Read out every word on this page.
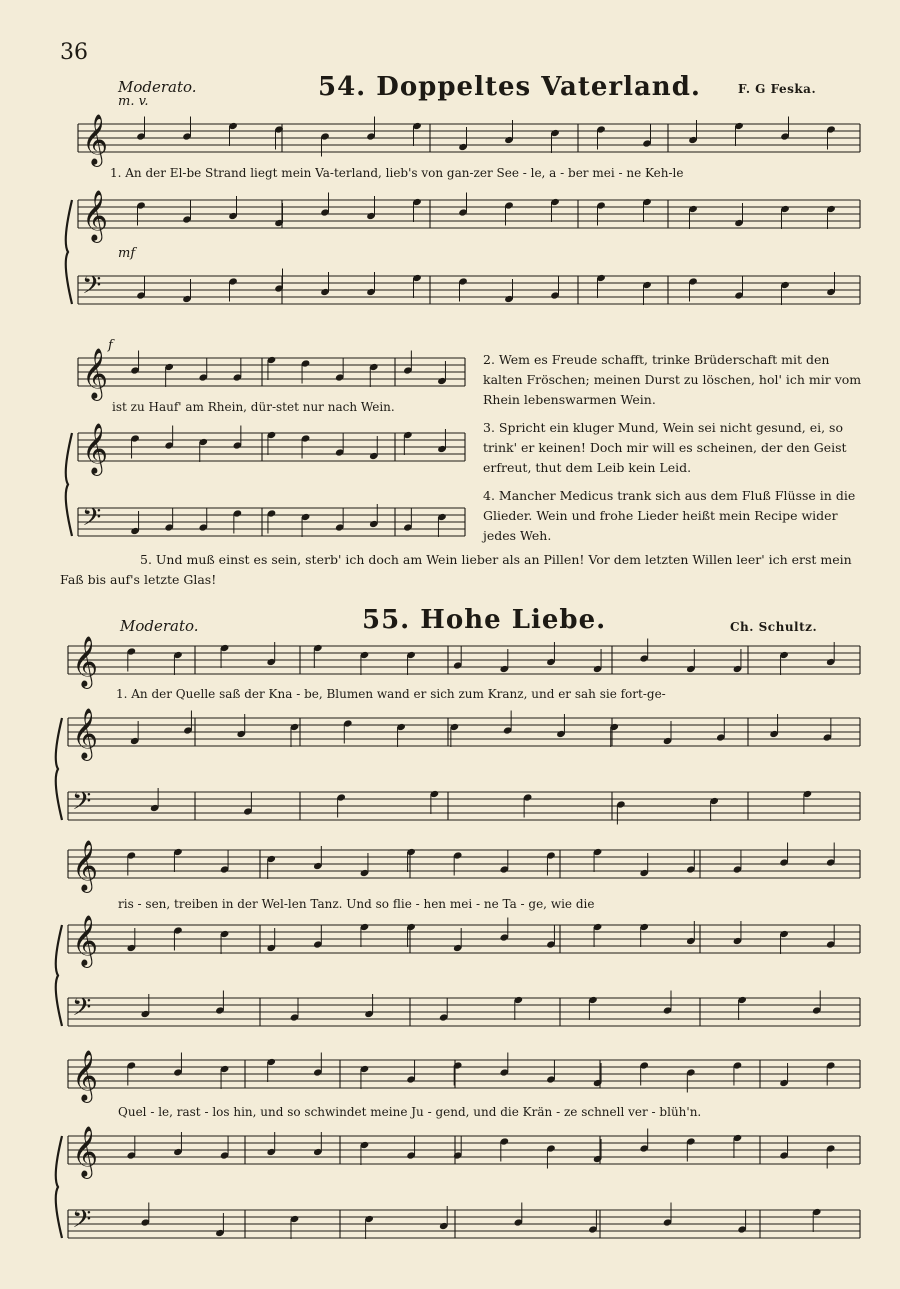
36
Moderato.
m. v.	54. Doppeltes Vaterland.	F. G Feska.
1. An der El-be Strand liegt mein Va-terland, lieb's von gan-zer See - le, a - ber mei - ne Keh-le
mf
f
ist zu Hauf' am Rhein, dür-stet nur nach Wein.
2. Wem es Freude schafft, trinke Brüderschaft mit den kalten Fröschen; meinen Durst zu löschen, hol' ich mir vom Rhein lebenswarmen Wein.
3. Spricht ein kluger Mund, Wein sei nicht gesund, ei, so trink' er keinen! Doch mir will es scheinen, der den Geist erfreut, thut dem Leib kein Leid.
4. Mancher Medicus trank sich aus dem Fluß Flüsse in die Glieder. Wein und frohe Lieder heißt mein Recipe wider jedes Weh.
5. Und muß einst es sein, sterb' ich doch am Wein lieber als an Pillen! Vor dem letzten Willen leer' ich erst mein Faß bis auf's letzte Glas!
Moderato.	55. Hohe Liebe.	Ch. Schultz.
1. An der Quelle saß der Kna - be, Blumen wand er sich zum Kranz, und er sah sie fort-ge-
ris - sen, treiben in der Wel-len Tanz. Und so flie - hen mei - ne Ta - ge, wie die
Quel - le, rast - los hin, und so schwindet meine Ju - gend, und die Krän - ze schnell ver - blüh'n.
𝄞
𝄞
𝄢
𝄞
𝄞
𝄢
𝄞
𝄞
𝄢
𝄞
𝄞
𝄢
𝄞
𝄞
𝄢
